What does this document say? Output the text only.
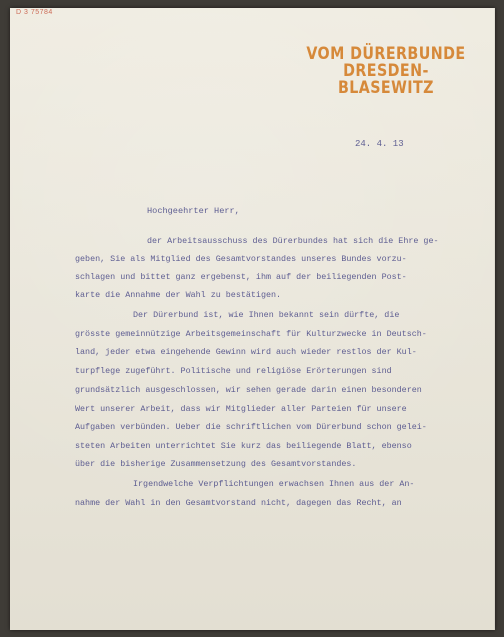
D 3 75784
VOM DÜRERBUNDE
DRESDEN-
BLASEWITZ
24. 4. 13
Hochgeehrter Herr,
der Arbeitsausschuss des Dürerbundes hat sich die Ehre ge-
geben, Sie als Mitglied des Gesamtvorstandes unseres Bundes vorzu-
schlagen und bittet ganz ergebenst, ihm auf der beiliegenden Post-
karte die Annahme der Wahl zu bestätigen.
Der Dürerbund ist, wie Ihnen bekannt sein dürfte, die
grösste gemeinnützige Arbeitsgemeinschaft für Kulturzwecke in Deutsch-
land, jeder etwa eingehende Gewinn wird auch wieder restlos der Kul-
turpflege zugeführt. Politische und religiöse Erörterungen sind
grundsätzlich ausgeschlossen, wir sehen gerade darin einen besonderen
Wert unserer Arbeit, dass wir Mitglieder aller Parteien für unsere
Aufgaben verbünden. Ueber die schriftlichen vom Dürerbund schon gelei-
steten Arbeiten unterrichtet Sie kurz das beiliegende Blatt, ebenso
über die bisherige Zusammensetzung des Gesamtvorstandes.
Irgendwelche Verpflichtungen erwachsen Ihnen aus der An-
nahme der Wahl in den Gesamtvorstand nicht, dagegen das Recht, an
